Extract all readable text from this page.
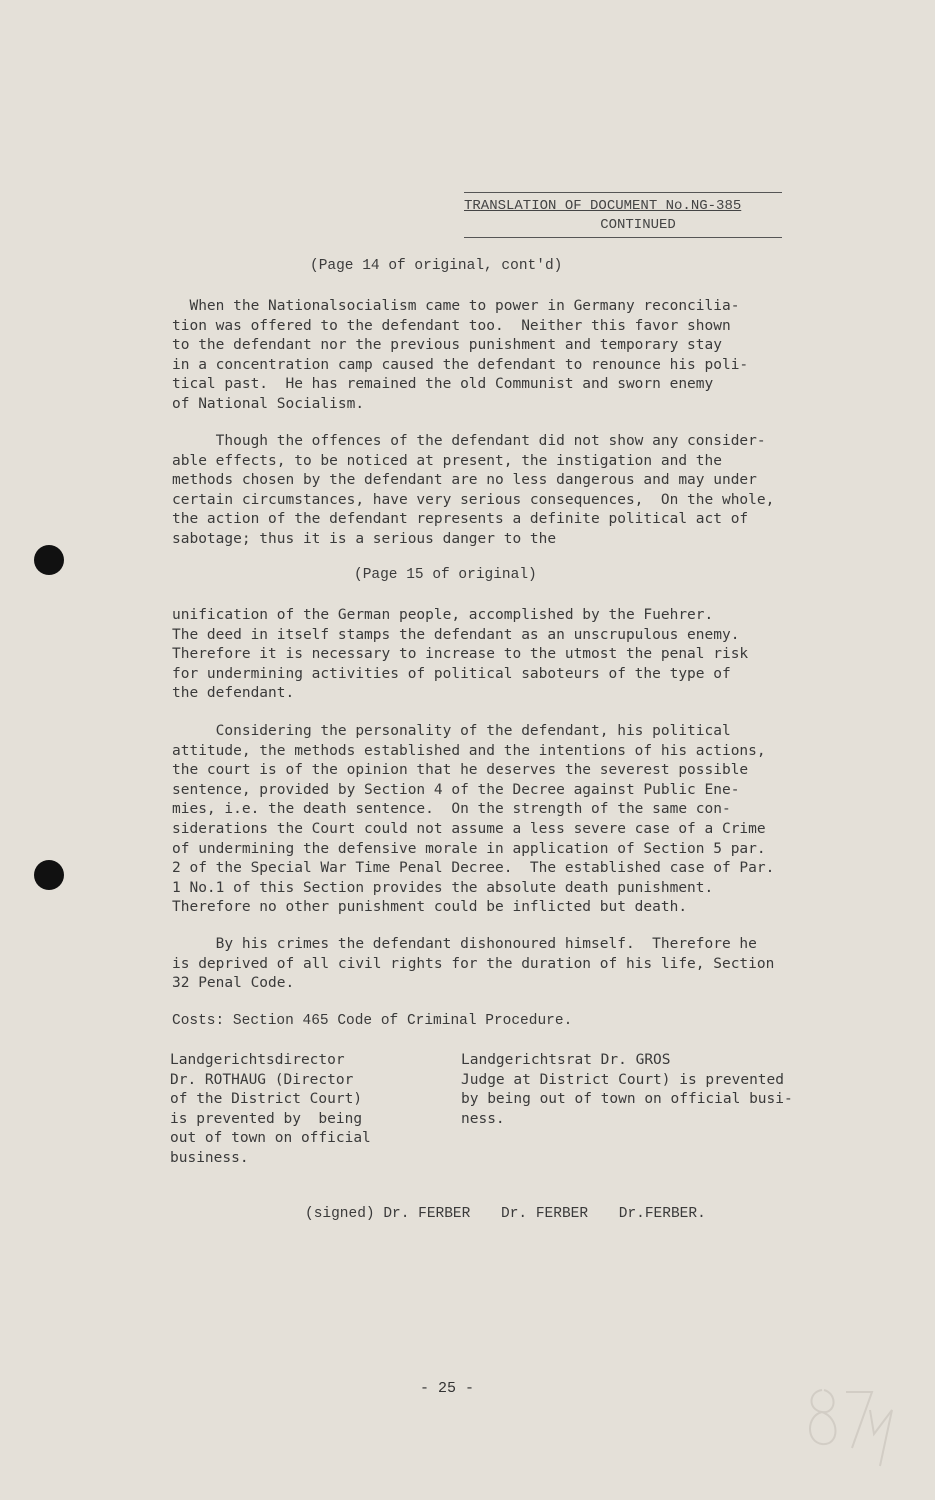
TRANSLATION OF DOCUMENT No.NG-385
CONTINUED
(Page 14 of original, cont'd)
When the Nationalsocialism came to power in Germany reconcilia-
tion was offered to the defendant too.  Neither this favor shown
to the defendant nor the previous punishment and temporary stay
in a concentration camp caused the defendant to renounce his poli-
tical past.  He has remained the old Communist and sworn enemy
of National Socialism.
Though the offences of the defendant did not show any consider-
able effects, to be noticed at present, the instigation and the
methods chosen by the defendant are no less dangerous and may under
certain circumstances, have very serious consequences,  On the whole,
the action of the defendant represents a definite political act of
sabotage; thus it is a serious danger to the
(Page 15 of original)
unification of the German people, accomplished by the Fuehrer.
The deed in itself stamps the defendant as an unscrupulous enemy.
Therefore it is necessary to increase to the utmost the penal risk
for undermining activities of political saboteurs of the type of
the defendant.
Considering the personality of the defendant, his political
attitude, the methods established and the intentions of his actions,
the court is of the opinion that he deserves the severest possible
sentence, provided by Section 4 of the Decree against Public Ene-
mies, i.e. the death sentence.  On the strength of the same con-
siderations the Court could not assume a less severe case of a Crime
of undermining the defensive morale in application of Section 5 par.
2 of the Special War Time Penal Decree.  The established case of Par.
1 No.1 of this Section provides the absolute death punishment.
Therefore no other punishment could be inflicted but death.
By his crimes the defendant dishonoured himself.  Therefore he
is deprived of all civil rights for the duration of his life, Section
32 Penal Code.
Costs: Section 465 Code of Criminal Procedure.
Landgerichtsdirector
Dr. ROTHAUG (Director
of the District Court)
is prevented by  being
out of town on official
business.
Landgerichtsrat Dr. GROS
Judge at District Court) is prevented
by being out of town on official busi-
ness.
(signed) Dr. FERBER Dr. FERBER Dr.FERBER.
- 25 -
